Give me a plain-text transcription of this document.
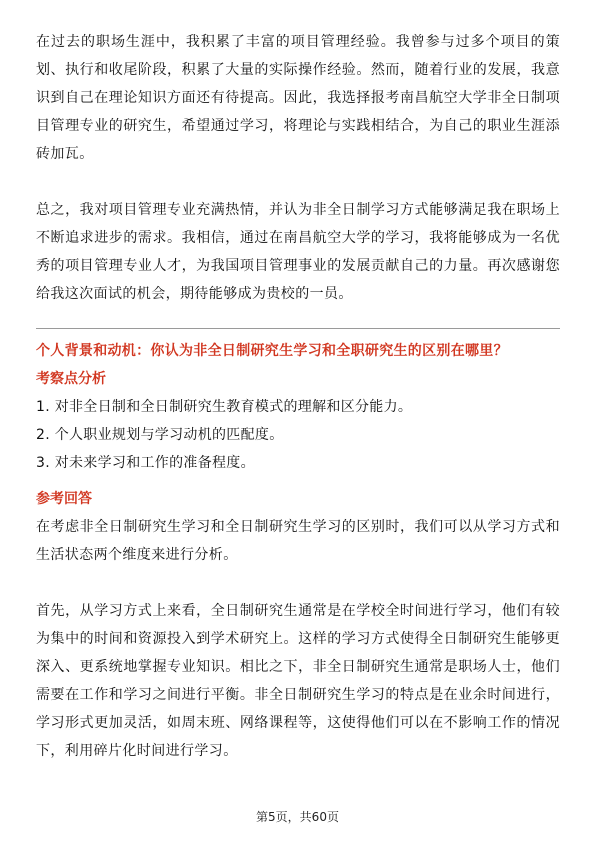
在过去的职场生涯中，我积累了丰富的项目管理经验。我曾参与过多个项目的策划、执行和收尾阶段，积累了大量的实际操作经验。然而，随着行业的发展，我意识到自己在理论知识方面还有待提高。因此，我选择报考南昌航空大学非全日制项目管理专业的研究生，希望通过学习，将理论与实践相结合，为自己的职业生涯添砖加瓦。

总之，我对项目管理专业充满热情，并认为非全日制学习方式能够满足我在职场上不断追求进步的需求。我相信，通过在南昌航空大学的学习，我将能够成为一名优秀的项目管理专业人才，为我国项目管理事业的发展贡献自己的力量。再次感谢您给我这次面试的机会，期待能够成为贵校的一员。

个人背景和动机：你认为非全日制研究生学习和全职研究生的区别在哪里？
考察点分析
1. 对非全日制和全日制研究生教育模式的理解和区分能力。
2. 个人职业规划与学习动机的匹配度。
3. 对未来学习和工作的准备程度。
参考回答

在考虑非全日制研究生学习和全日制研究生学习的区别时，我们可以从学习方式和生活状态两个维度来进行分析。

首先，从学习方式上来看，全日制研究生通常是在学校全时间进行学习，他们有较为集中的时间和资源投入到学术研究上。这样的学习方式使得全日制研究生能够更深入、更系统地掌握专业知识。相比之下，非全日制研究生通常是职场人士，他们需要在工作和学习之间进行平衡。非全日制研究生学习的特点是在业余时间进行，学习形式更加灵活，如周末班、网络课程等，这使得他们可以在不影响工作的情况下，利用碎片化时间进行学习。

第5页，共60页
